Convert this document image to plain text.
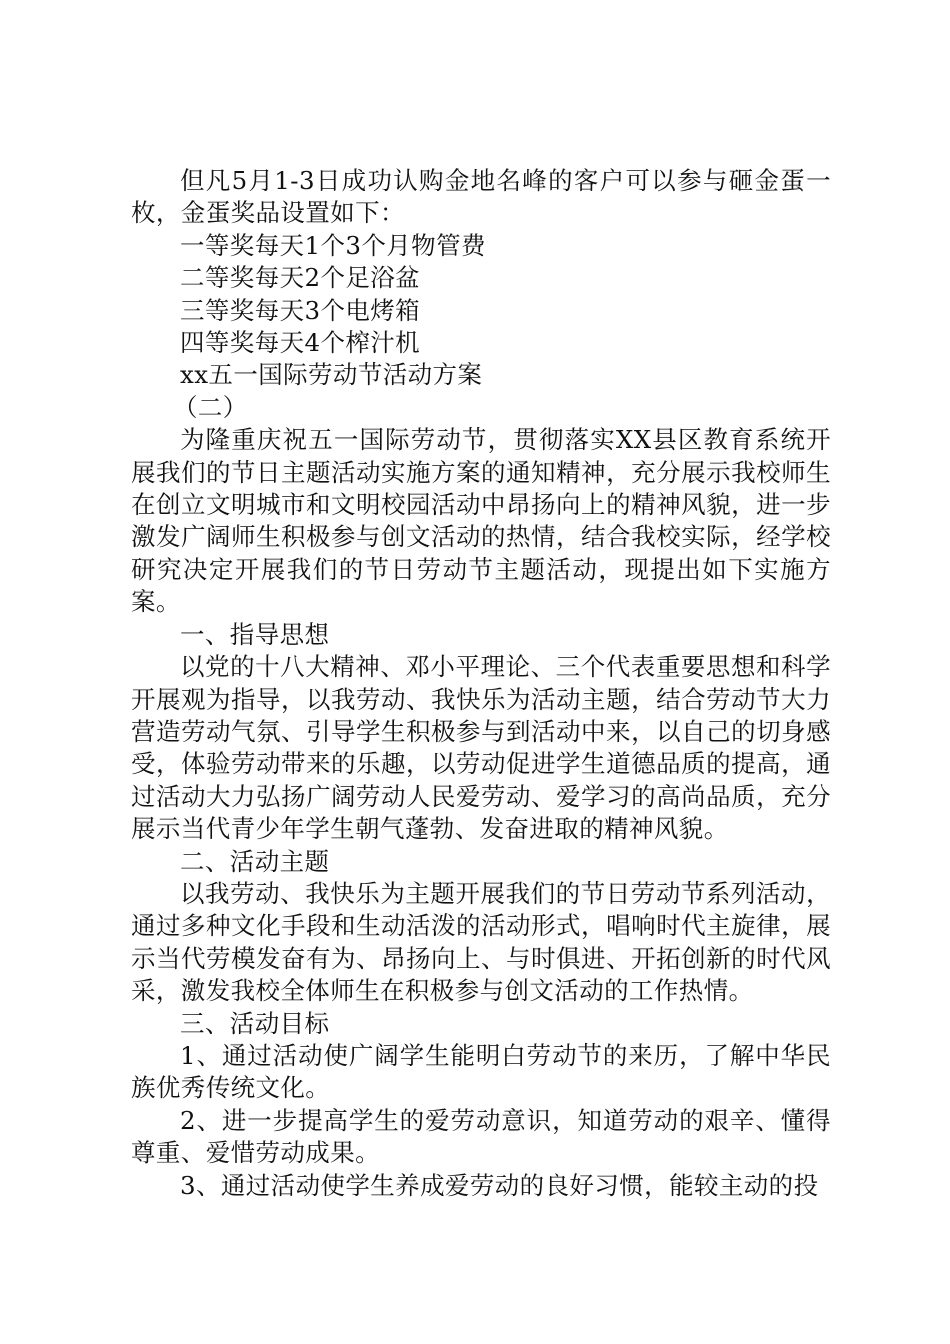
但凡5月1-3日成功认购金地名峰的客户可以参与砸金蛋一枚，金蛋奖品设置如下：

一等奖每天1个3个月物管费

二等奖每天2个足浴盆

三等奖每天3个电烤箱

四等奖每天4个榨汁机

xx五一国际劳动节活动方案

（二）

为隆重庆祝五一国际劳动节，贯彻落实XX县区教育系统开展我们的节日主题活动实施方案的通知精神，充分展示我校师生在创立文明城市和文明校园活动中昂扬向上的精神风貌，进一步激发广阔师生积极参与创文活动的热情，结合我校实际，经学校研究决定开展我们的节日劳动节主题活动，现提出如下实施方案。

一、指导思想

以党的十八大精神、邓小平理论、三个代表重要思想和科学开展观为指导，以我劳动、我快乐为活动主题，结合劳动节大力营造劳动气氛、引导学生积极参与到活动中来，以自己的切身感受，体验劳动带来的乐趣，以劳动促进学生道德品质的提高，通过活动大力弘扬广阔劳动人民爱劳动、爱学习的高尚品质，充分展示当代青少年学生朝气蓬勃、发奋进取的精神风貌。

二、活动主题

以我劳动、我快乐为主题开展我们的节日劳动节系列活动，通过多种文化手段和生动活泼的活动形式，唱响时代主旋律，展示当代劳模发奋有为、昂扬向上、与时俱进、开拓创新的时代风采，激发我校全体师生在积极参与创文活动的工作热情。

三、活动目标

1、通过活动使广阔学生能明白劳动节的来历，了解中华民族优秀传统文化。

2、进一步提高学生的爱劳动意识，知道劳动的艰辛、懂得尊重、爱惜劳动成果。

3、通过活动使学生养成爱劳动的良好习惯，能较主动的投
